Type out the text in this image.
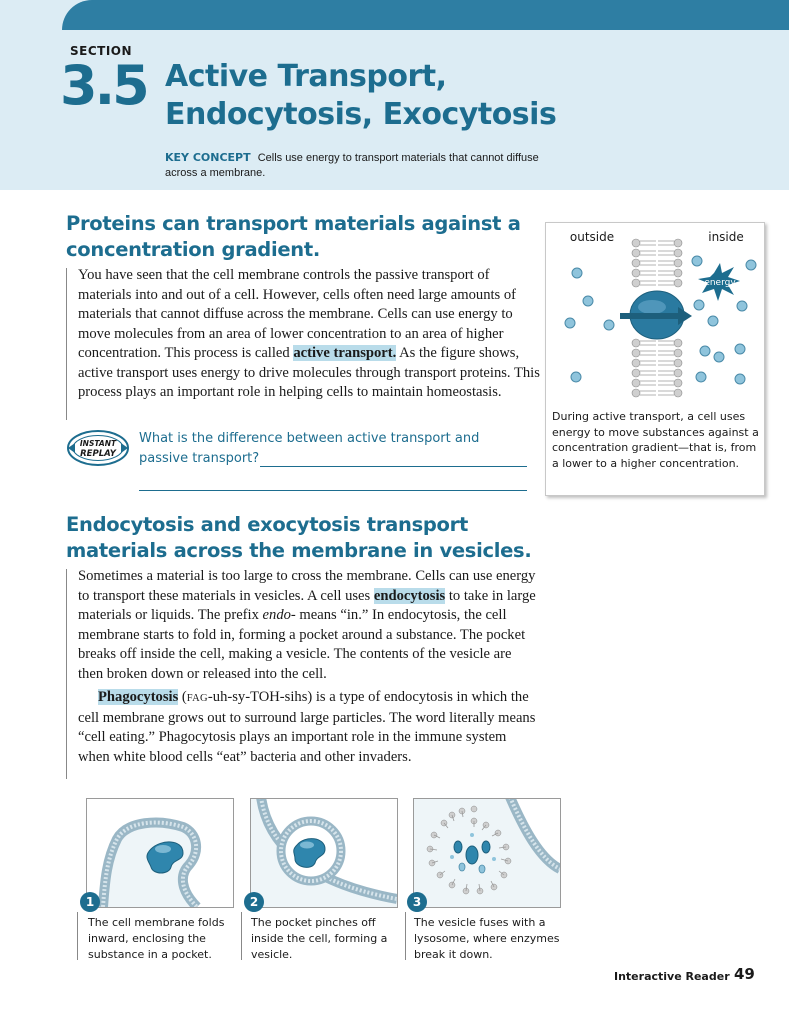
SECTION
3.5 Active Transport,
Endocytosis, Exocytosis
KEY CONCEPT Cells use energy to transport materials that cannot diffuse across a membrane.
Proteins can transport materials against a
concentration gradient.
You have seen that the cell membrane controls the passive transport of materials into and out of a cell. However, cells often need large amounts of materials that cannot diffuse across the membrane. Cells can use energy to move molecules from an area of lower concentration to an area of higher concentration. This process is called active transport. As the figure shows, active transport uses energy to drive molecules through transport proteins. This process plays an important role in helping cells to maintain homeostasis.
INSTANT
REPLAY
What is the difference between active transport and passive transport?
energy
outside	inside
During active transport, a cell uses energy to move substances against a concentration gradient—that is, from a lower to a higher concentration.
Endocytosis and exocytosis transport
materials across the membrane in vesicles.
Sometimes a material is too large to cross the membrane. Cells can use energy to transport these materials in vesicles. A cell uses endocytosis to take in large materials or liquids. The prefix endo- means “in.” In endocytosis, the cell membrane starts to fold in, forming a pocket around a substance. The pocket breaks off inside the cell, making a vesicle. The contents of the vesicle are then broken down or released into the cell.
Phagocytosis (FAG-uh-sy-TOH-sihs) is a type of endocytosis in which the cell membrane grows out to surround large particles. The word literally means “cell eating.” Phagocytosis plays an important role in the immune system when white blood cells “eat” bacteria and other invaders.
1	2	3
The cell membrane folds inward, enclosing the substance in a pocket.
The pocket pinches off inside the cell, forming a vesicle.
The vesicle fuses with a lysosome, where enzymes break it down.
Interactive Reader 49
